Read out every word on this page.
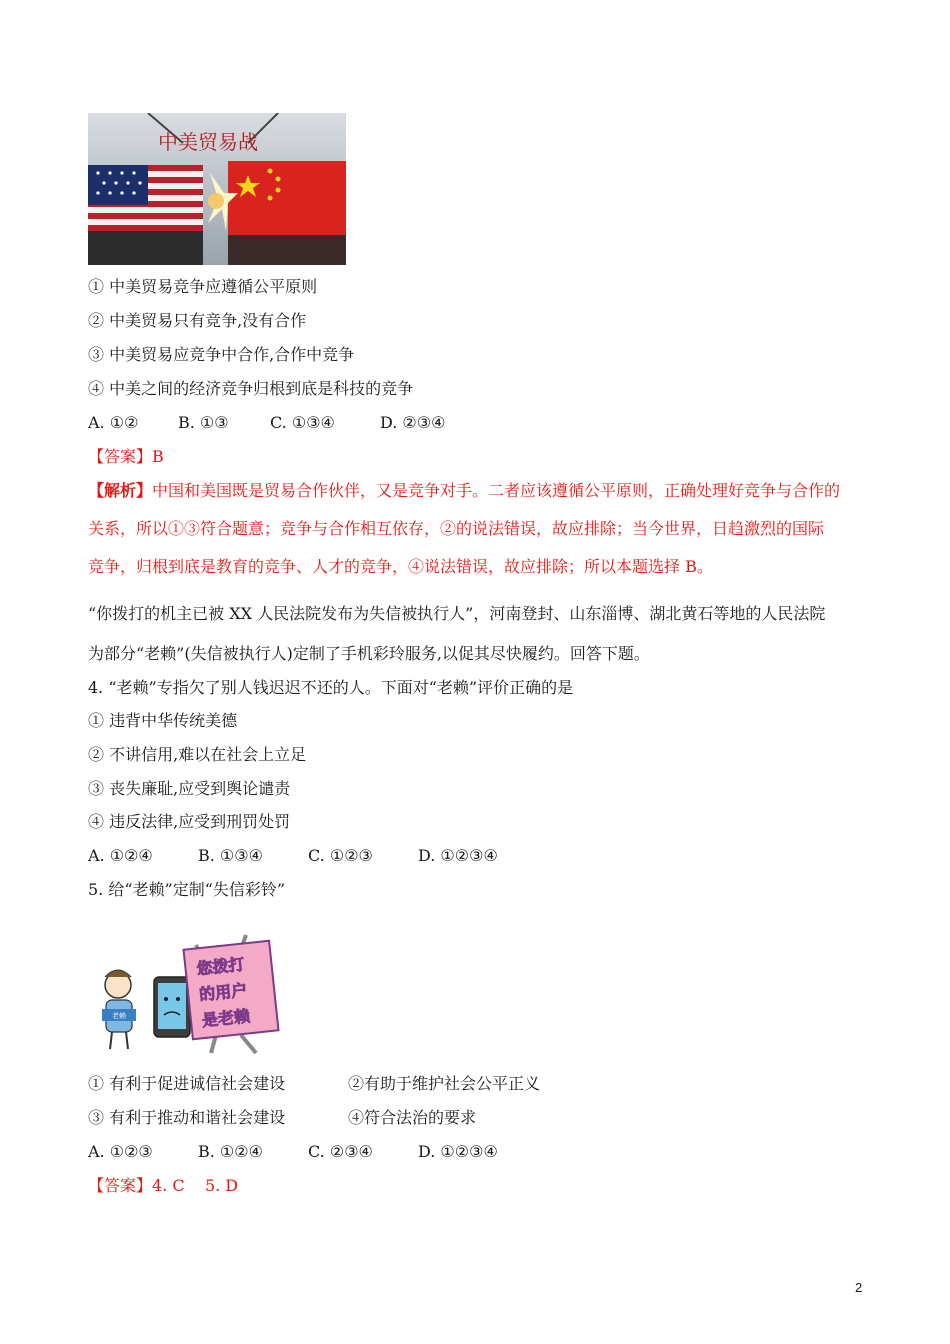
中美贸易战
① 中美贸易竞争应遵循公平原则
② 中美贸易只有竞争,没有合作
③ 中美贸易应竞争中合作,合作中竞争
④ 中美之间的经济竞争归根到底是科技的竞争
A. ①② B. ①③	C. ①③④	D. ②③④
【答案】B
【解析】中国和美国既是贸易合作伙伴，又是竞争对手。二者应该遵循公平原则，正确处理好竞争与合作的
关系，所以①③符合题意；竞争与合作相互依存，②的说法错误，故应排除；当今世界，日趋激烈的国际
竞争，归根到底是教育的竞争、人才的竞争，④说法错误，故应排除；所以本题选择 B。
“你拨打的机主已被 XX 人民法院发布为失信被执行人”，河南登封、山东淄博、湖北黄石等地的人民法院
为部分“老赖”(失信被执行人)定制了手机彩玲服务,以促其尽快履约。回答下题。
4. “老赖”专指欠了别人钱迟迟不还的人。下面对“老赖”评价正确的是
① 违背中华传统美德
② 不讲信用,难以在社会上立足
③ 丧失廉耻,应受到舆论谴责
④ 违反法律,应受到刑罚处罚
A. ①②④	B. ①③④	C. ①②③	D. ①②③④
5. 给“老赖”定制“失信彩铃”
老赖
您拨打
的用户
是老赖
① 有利于促进诚信社会建设	②有助于维护社会公平正义
③ 有利于推动和谐社会建设	④符合法治的要求
A. ①②③	B. ①②④	C. ②③④	D. ①②③④
【答案】4. C    5. D
2
